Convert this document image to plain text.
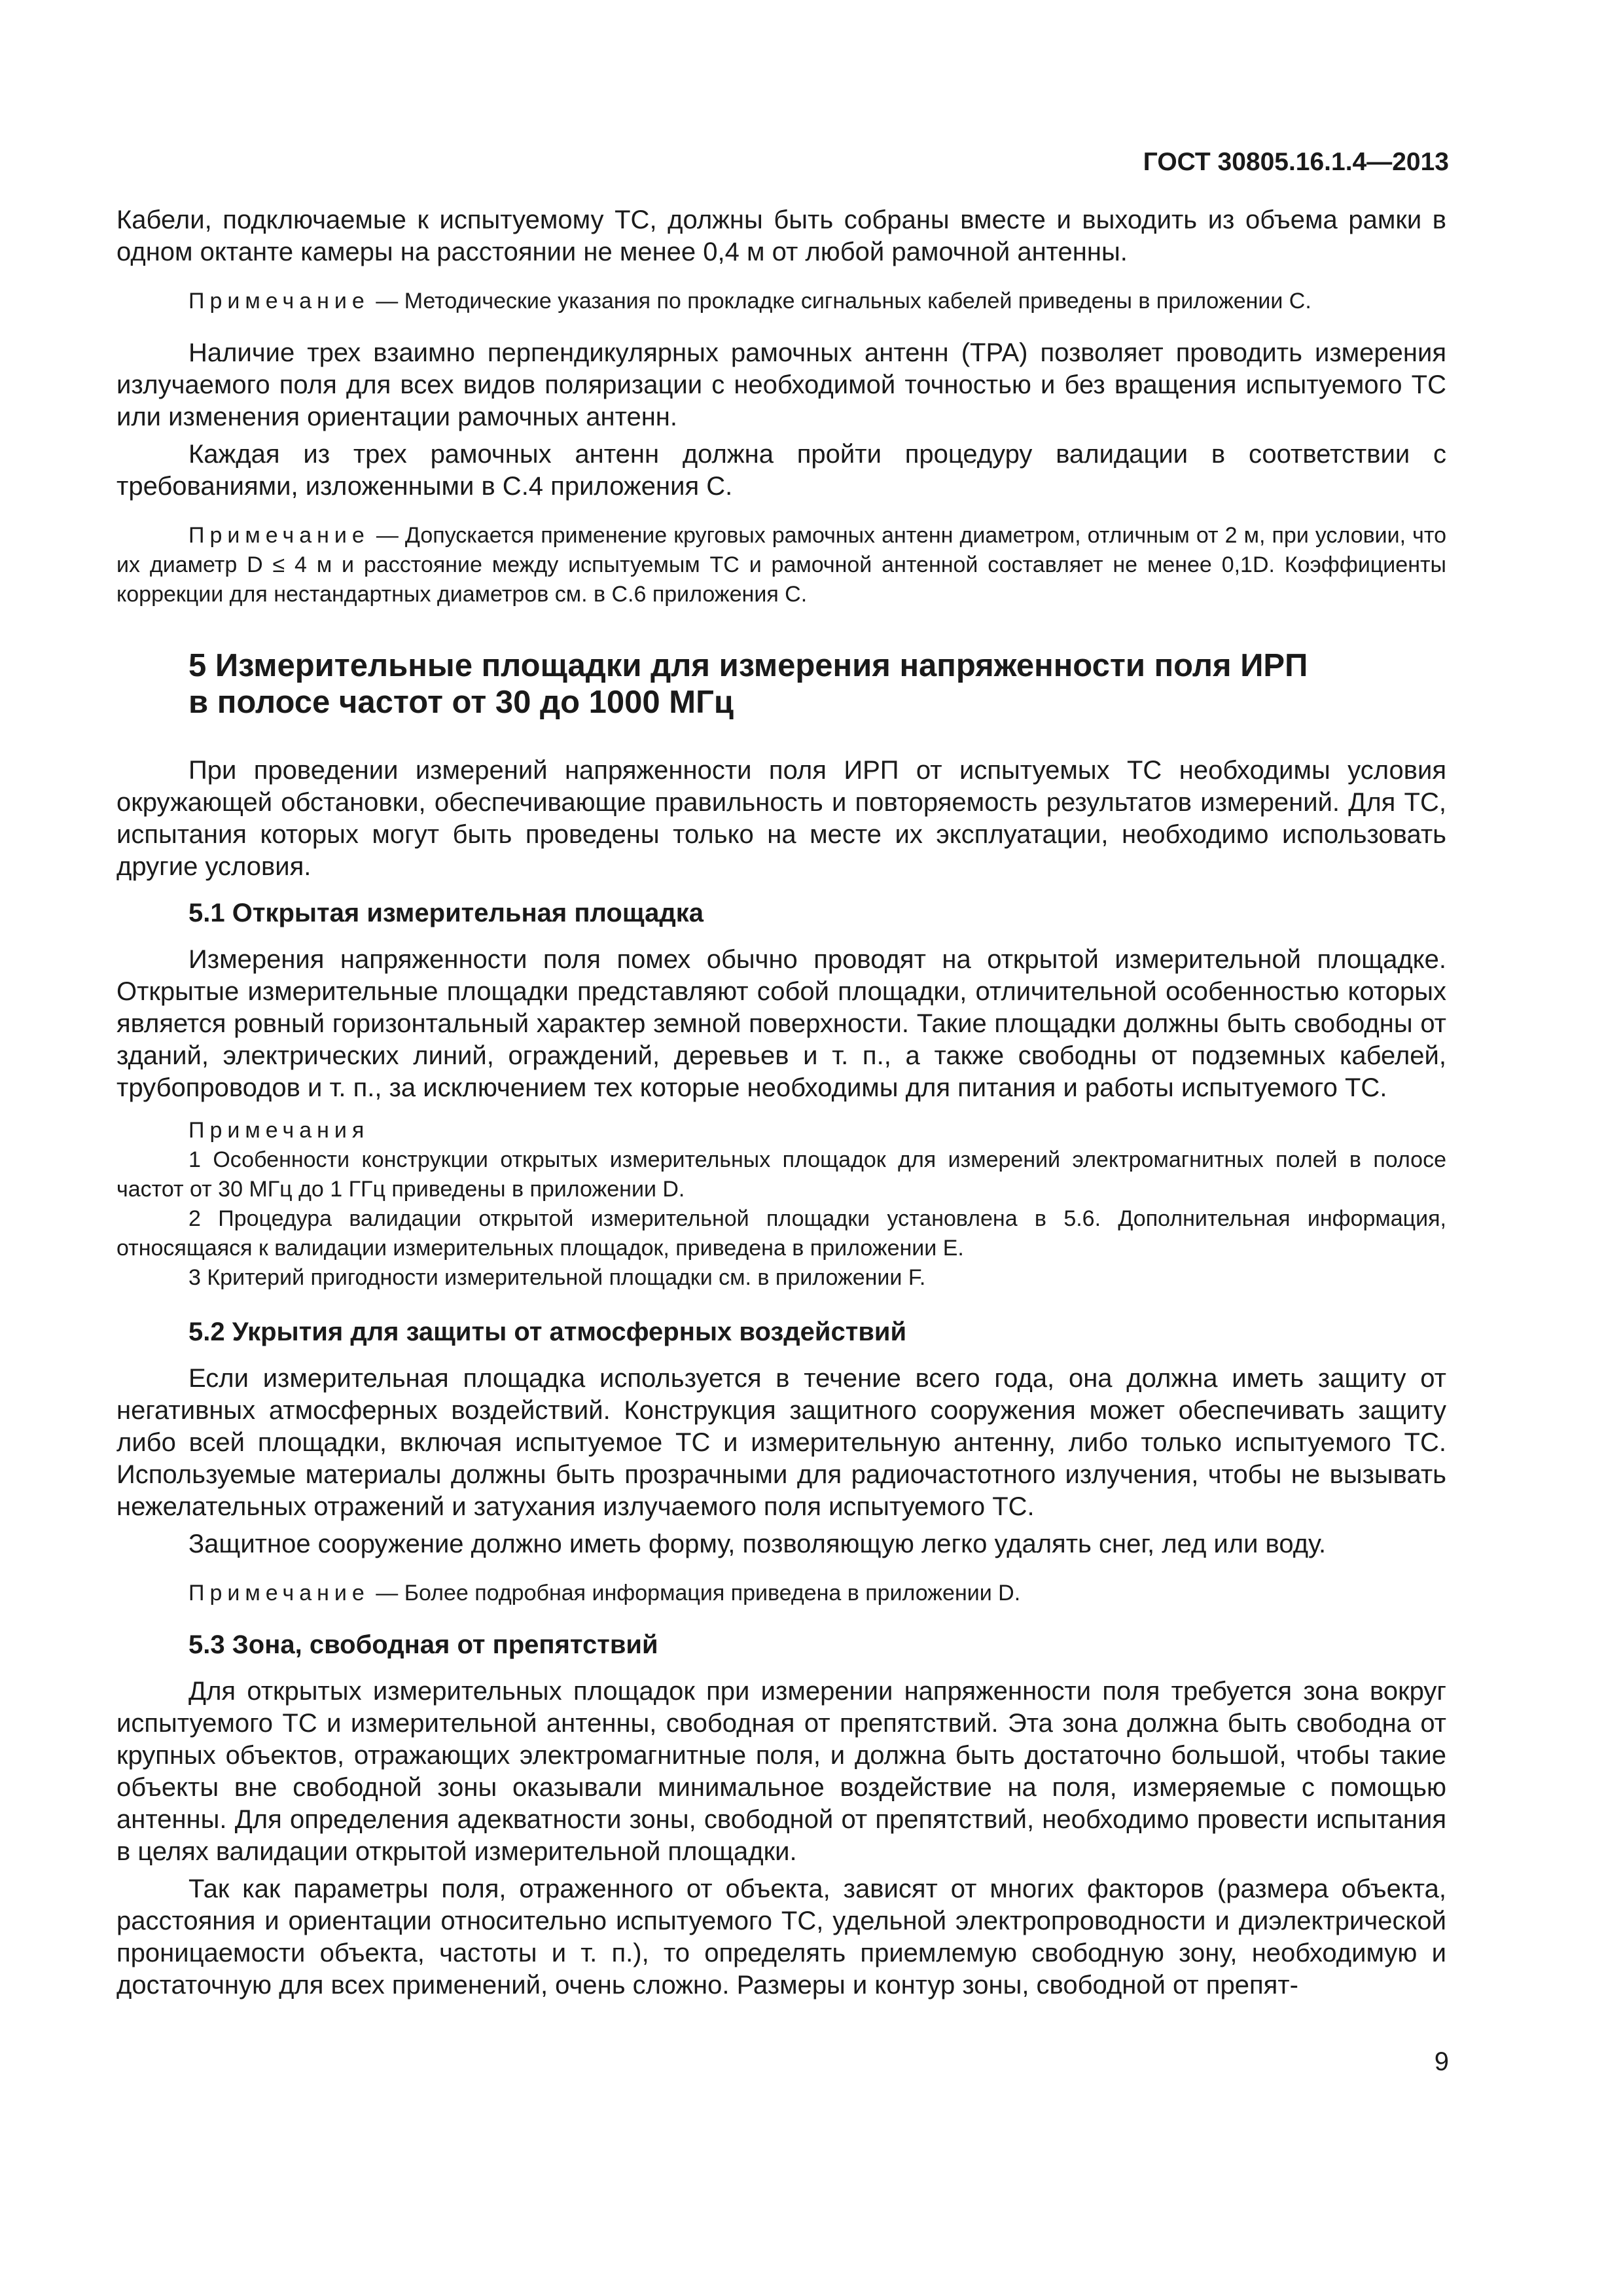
ГОСТ 30805.16.1.4—2013

Кабели, подключаемые к испытуемому ТС, должны быть собраны вместе и выходить из объема рамки в одном октанте камеры на расстоянии не менее 0,4 м от любой рамочной антенны.

Примечание — Методические указания по прокладке сигнальных кабелей приведены в приложении С.

Наличие трех взаимно перпендикулярных рамочных антенн (ТРА) позволяет проводить измерения излучаемого поля для всех видов поляризации с необходимой точностью и без вращения испытуемого ТС или изменения ориентации рамочных антенн.

Каждая из трех рамочных антенн должна пройти процедуру валидации в соответствии с требованиями, изложенными в С.4 приложения С.

Примечание — Допускается применение круговых рамочных антенн диаметром, отличным от 2 м, при условии, что их диаметр D ≤ 4 м и расстояние между испытуемым ТС и рамочной антенной составляет не менее 0,1D. Коэффициенты коррекции для нестандартных диаметров см. в С.6 приложения С.

5 Измерительные площадки для измерения напряженности поля ИРП
в полосе частот от 30 до 1000 МГц

При проведении измерений напряженности поля ИРП от испытуемых ТС необходимы условия окружающей обстановки, обеспечивающие правильность и повторяемость результатов измерений. Для ТС, испытания которых могут быть проведены только на месте их эксплуатации, необходимо использовать другие условия.

5.1 Открытая измерительная площадка

Измерения напряженности поля помех обычно проводят на открытой измерительной площадке. Открытые измерительные площадки представляют собой площадки, отличительной особенностью которых является ровный горизонтальный характер земной поверхности. Такие площадки должны быть свободны от зданий, электрических линий, ограждений, деревьев и т. п., а также свободны от подземных кабелей, трубопроводов и т. п., за исключением тех которые необходимы для питания и работы испытуемого ТС.

Примечания

1 Особенности конструкции открытых измерительных площадок для измерений электромагнитных полей в полосе частот от 30 МГц до 1 ГГц приведены в приложении D.

2 Процедура валидации открытой измерительной площадки установлена в 5.6. Дополнительная информация, относящаяся к валидации измерительных площадок, приведена в приложении E.

3 Критерий пригодности измерительной площадки см. в приложении F.

5.2 Укрытия для защиты от атмосферных воздействий

Если измерительная площадка используется в течение всего года, она должна иметь защиту от негативных атмосферных воздействий. Конструкция защитного сооружения может обеспечивать защиту либо всей площадки, включая испытуемое ТС и измерительную антенну, либо только испытуемого ТС. Используемые материалы должны быть прозрачными для радиочастотного излучения, чтобы не вызывать нежелательных отражений и затухания излучаемого поля испытуемого ТС.

Защитное сооружение должно иметь форму, позволяющую легко удалять снег, лед или воду.

Примечание — Более подробная информация приведена в приложении D.

5.3 Зона, свободная от препятствий

Для открытых измерительных площадок при измерении напряженности поля требуется зона вокруг испытуемого ТС и измерительной антенны, свободная от препятствий. Эта зона должна быть свободна от крупных объектов, отражающих электромагнитные поля, и должна быть достаточно большой, чтобы такие объекты вне свободной зоны оказывали минимальное воздействие на поля, измеряемые с помощью антенны. Для определения адекватности зоны, свободной от препятствий, необходимо провести испытания в целях валидации открытой измерительной площадки.

Так как параметры поля, отраженного от объекта, зависят от многих факторов (размера объекта, расстояния и ориентации относительно испытуемого ТС, удельной электропроводности и диэлектрической проницаемости объекта, частоты и т. п.), то определять приемлемую свободную зону, необходимую и достаточную для всех применений, очень сложно. Размеры и контур зоны, свободной от препят-

9
